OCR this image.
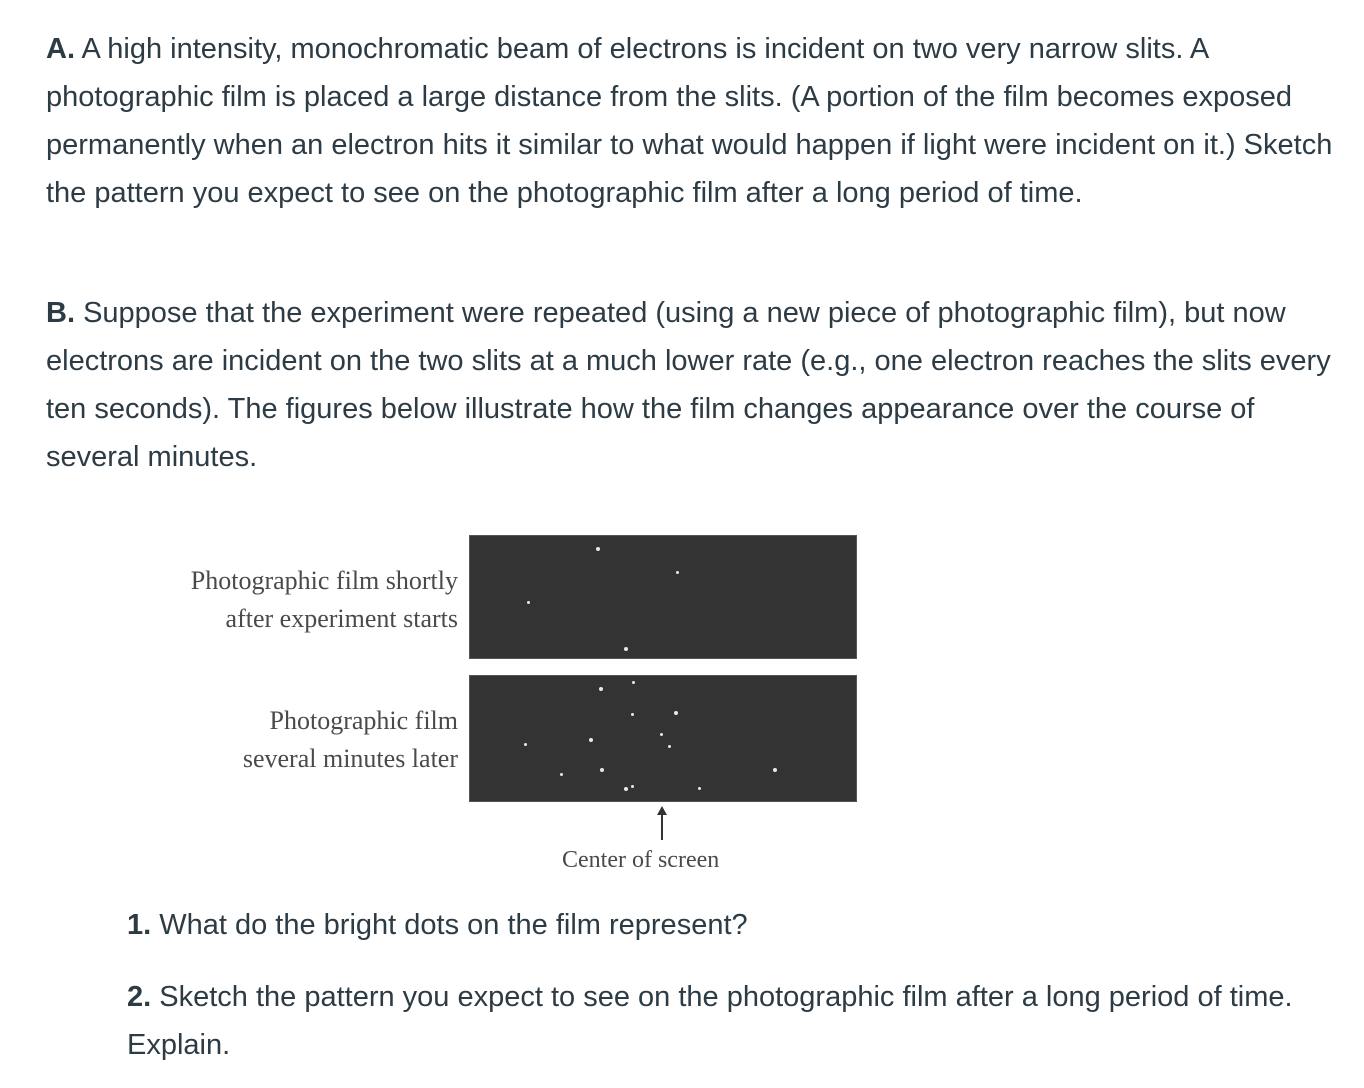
A. A high intensity, monochromatic beam of electrons is incident on two very narrow slits. A photographic film is placed a large distance from the slits. (A portion of the film becomes exposed permanently when an electron hits it similar to what would happen if light were incident on it.) Sketch the pattern you expect to see on the photographic film after a long period of time.

B. Suppose that the experiment were repeated (using a new piece of photographic film), but now electrons are incident on the two slits at a much lower rate (e.g., one electron reaches the slits every ten seconds). The figures below illustrate how the film changes appearance over the course of several minutes.

Photographic film shortly
after experiment starts
Photographic film
several minutes later
Center of screen

1. What do the bright dots on the film represent?

2. Sketch the pattern you expect to see on the photographic film after a long period of time. Explain.
